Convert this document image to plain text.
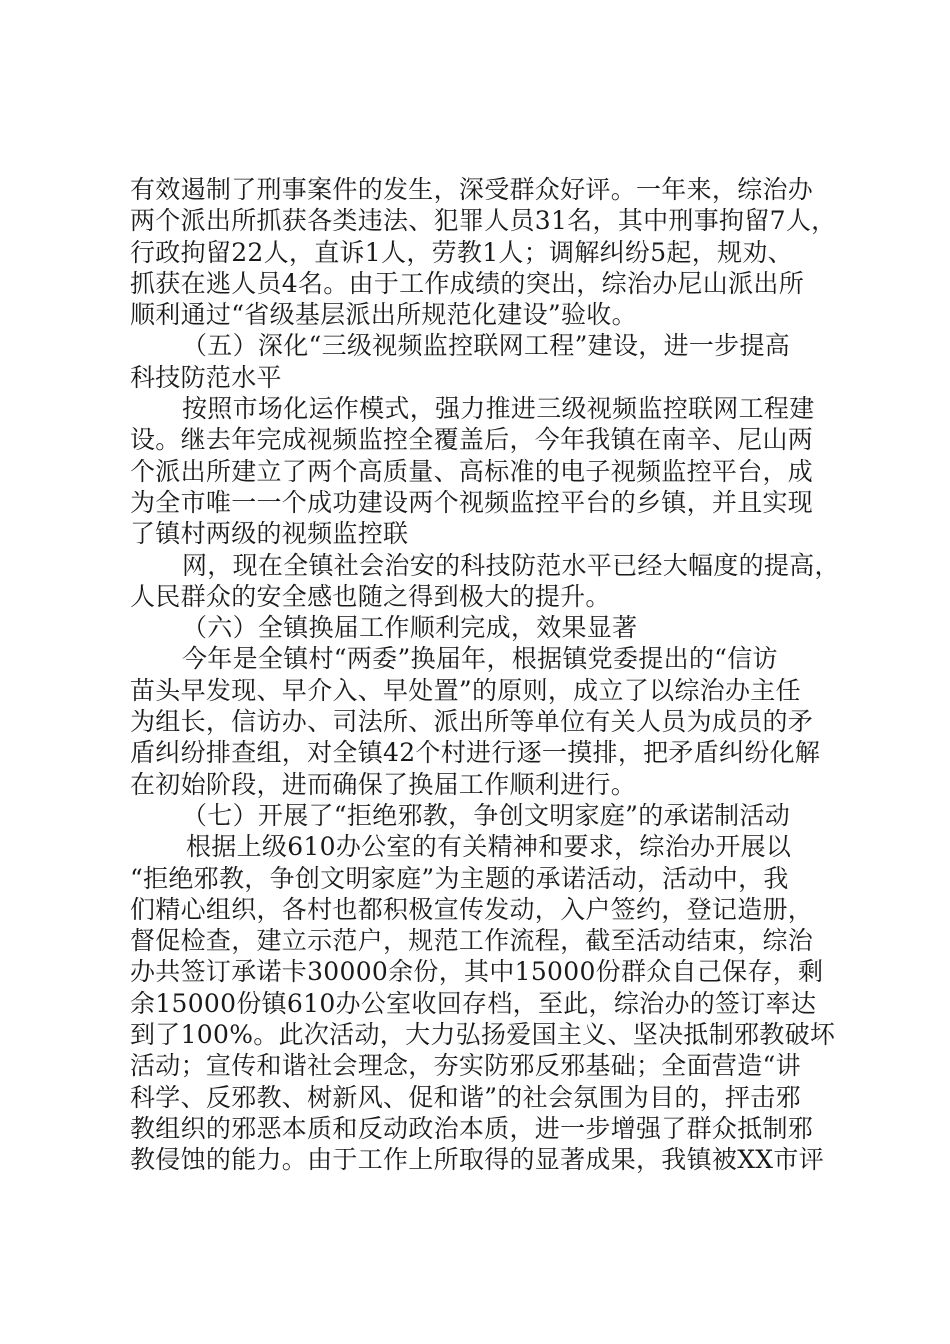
有效遏制了刑事案件的发生，深受群众好评。一年来，综治办
两个派出所抓获各类违法、犯罪人员31名，其中刑事拘留7人，
行政拘留22人，直诉1人，劳教1人；调解纠纷5起，规劝、
抓获在逃人员4名。由于工作成绩的突出，综治办尼山派出所
顺利通过“省级基层派出所规范化建设”验收。
（五）深化“三级视频监控联网工程”建设，进一步提高
科技防范水平
按照市场化运作模式，强力推进三级视频监控联网工程建
设。继去年完成视频监控全覆盖后，今年我镇在南辛、尼山两
个派出所建立了两个高质量、高标准的电子视频监控平台，成
为全市唯一一个成功建设两个视频监控平台的乡镇，并且实现
了镇村两级的视频监控联
网，现在全镇社会治安的科技防范水平已经大幅度的提高，
人民群众的安全感也随之得到极大的提升。
（六）全镇换届工作顺利完成，效果显著
今年是全镇村“两委”换届年，根据镇党委提出的“信访
苗头早发现、早介入、早处置”的原则，成立了以综治办主任
为组长，信访办、司法所、派出所等单位有关人员为成员的矛
盾纠纷排查组，对全镇42个村进行逐一摸排，把矛盾纠纷化解
在初始阶段，进而确保了换届工作顺利进行。
（七）开展了“拒绝邪教，争创文明家庭”的承诺制活动
根据上级610办公室的有关精神和要求，综治办开展以
“拒绝邪教，争创文明家庭”为主题的承诺活动，活动中，我
们精心组织，各村也都积极宣传发动，入户签约，登记造册，
督促检查，建立示范户，规范工作流程，截至活动结束，综治
办共签订承诺卡30000余份，其中15000份群众自己保存，剩
余15000份镇610办公室收回存档，至此，综治办的签订率达
到了100%。此次活动，大力弘扬爱国主义、坚决抵制邪教破坏
活动；宣传和谐社会理念，夯实防邪反邪基础；全面营造“讲
科学、反邪教、树新风、促和谐”的社会氛围为目的，抨击邪
教组织的邪恶本质和反动政治本质，进一步增强了群众抵制邪
教侵蚀的能力。由于工作上所取得的显著成果，我镇被XX市评
